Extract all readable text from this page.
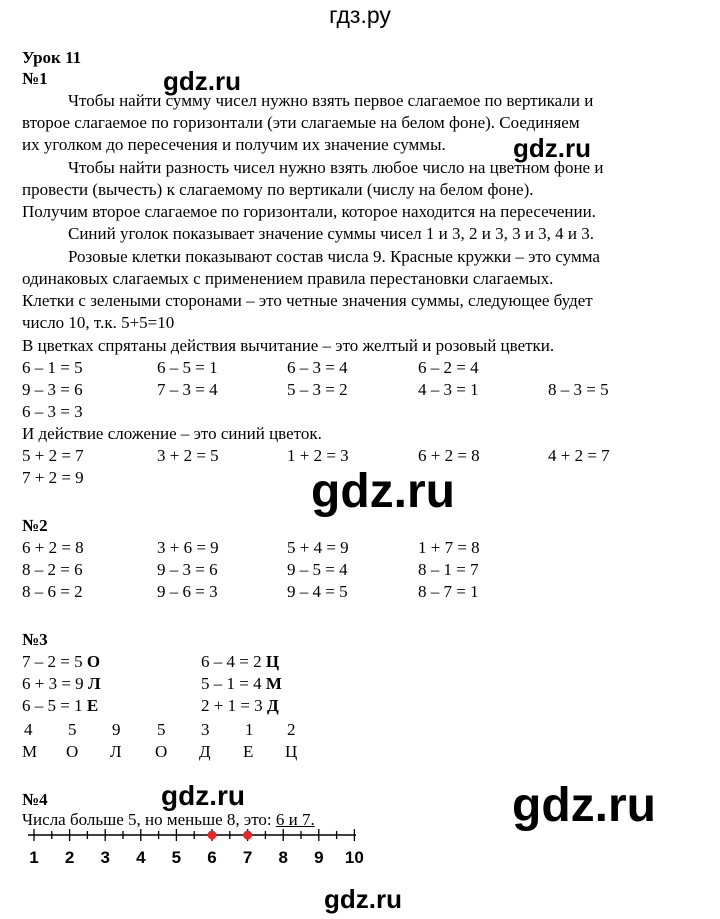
гдз.ру
gdz.ru
gdz.ru
gdz.ru
gdz.ru	gdz.ru
gdz.ru
Урок 11
№1
Чтобы найти сумму чисел нужно взять первое слагаемое по вертикали и
второе слагаемое по горизонтали (эти слагаемые на белом фоне). Соединяем
их уголком до пересечения и получим их значение суммы.
Чтобы найти разность чисел нужно взять любое число на цветном фоне и
провести (вычесть) к слагаемому по вертикали (числу на белом фоне).
Получим второе слагаемое по горизонтали, которое находится на пересечении.
Синий уголок показывает значение суммы чисел 1 и 3, 2 и 3, 3 и 3, 4 и 3.
Розовые клетки показывают состав числа 9. Красные кружки – это сумма
одинаковых слагаемых с применением правила перестановки слагаемых.
Клетки с зелеными сторонами – это четные значения суммы, следующее будет
число 10, т.к. 5+5=10
В цветках спрятаны действия вычитание – это желтый и розовый цветки.
6 – 1 = 5	6 – 5 = 1	6 – 3 = 4	6 – 2 = 4
9 – 3 = 6	7 – 3 = 4	5 – 3 = 2	4 – 3 = 1	8 – 3 = 5
6 – 3 = 3
И действие сложение – это синий цветок.
5 + 2 = 7	3 + 2 = 5	1 + 2 = 3	6 + 2 = 8	4 + 2 = 7
7 + 2 = 9
№2
6 + 2 = 8	3 + 6 = 9	5 + 4 = 9	1 + 7 = 8
8 – 2 = 6	9 – 3 = 6	9 – 5 = 4	8 – 1 = 7
8 – 6 = 2	9 – 6 = 3	9 – 4 = 5	8 – 7 = 1
№3
7 – 2 = 5 О	6 – 4 = 2 Ц
6 + 3 = 9 Л	5 – 1 = 4 М
6 – 5 = 1 Е	2 + 1 = 3 Д
4 5 9 5 3 1 2
М О Л О Д Е Ц
№4
Числа больше 5, но меньше 8, это: 6 и 7.
1	2	3	4	5	6	7	8	9	10
